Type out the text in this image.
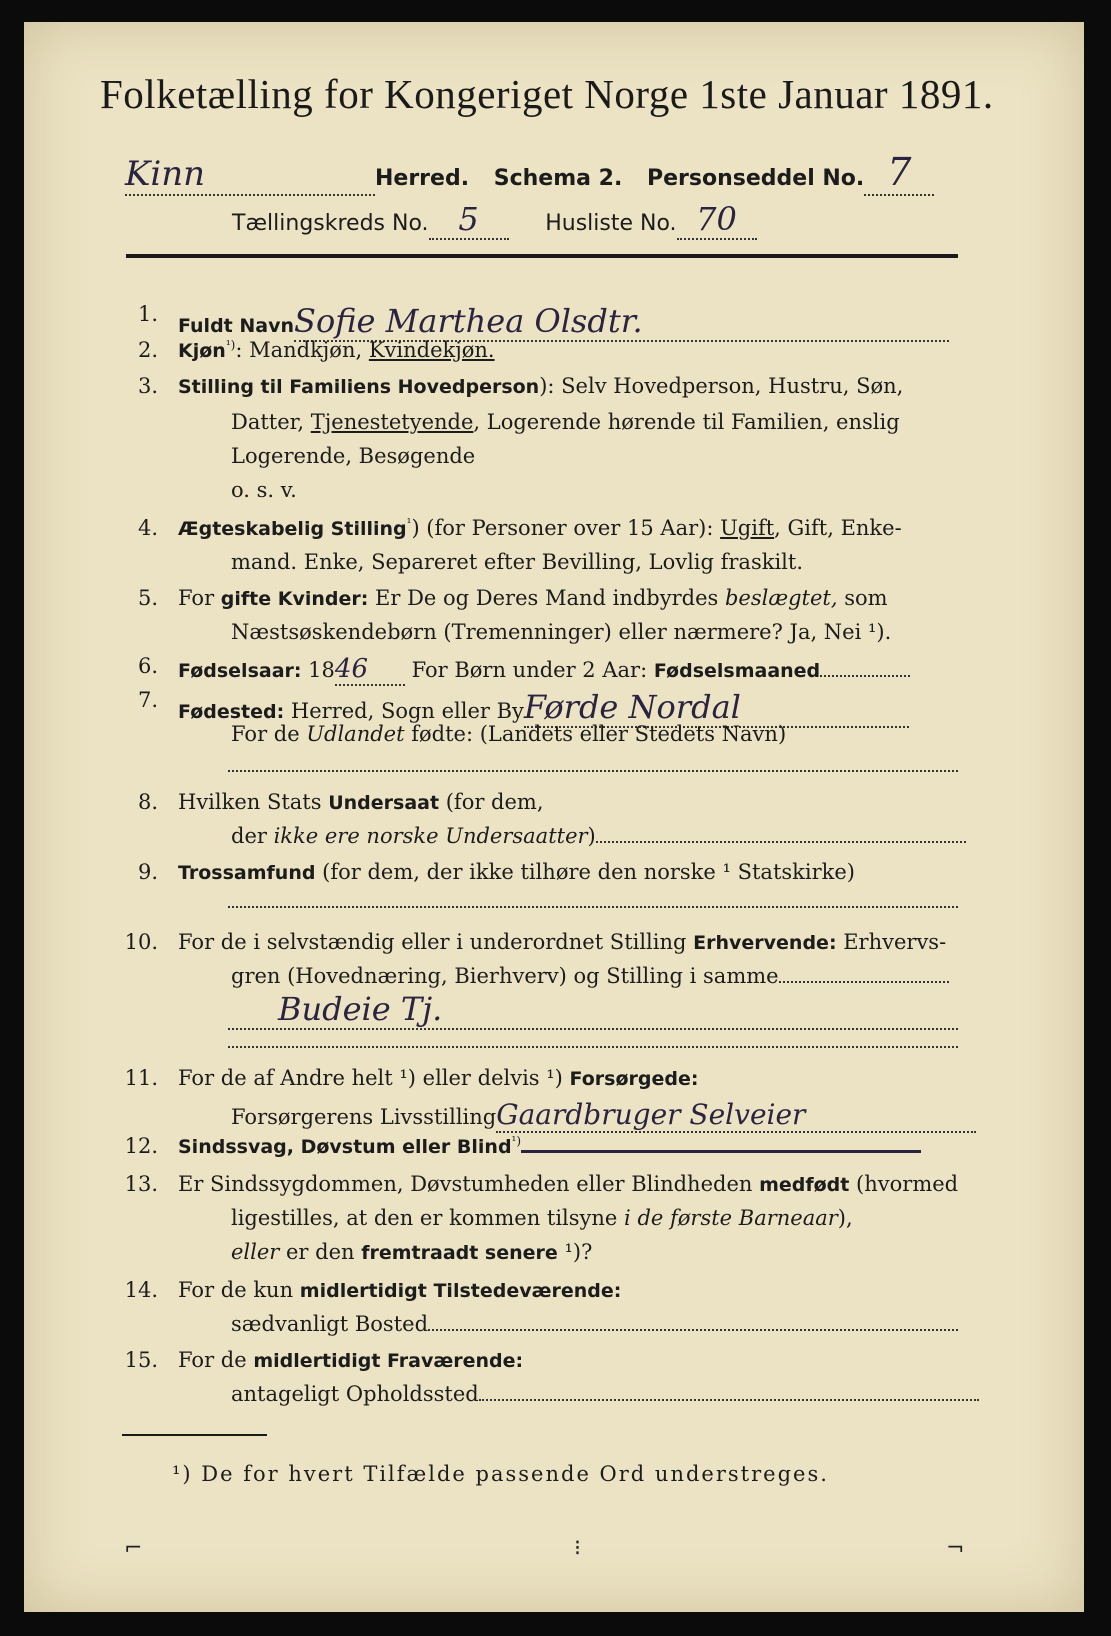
Folketælling for Kongeriget Norge 1ste Januar 1891.
Kinn	Herred. Schema 2. Personseddel No. 7
Tællingskreds No. 5	Husliste No. 70
1. Fuldt NavnSofie Marthea Olsdtr.
2. Kjøn$^{^1)}$: Mandkjøn, Kvindekjøn.
3. Stilling til Familiens Hovedperson): Selv Hovedperson, Hustru, Søn,
Datter, Tjenestetyende, Logerende hørende til Familien, enslig
Logerende, Besøgende
o. s. v.
4. Ægteskabelig Stilling$^{^1}$) (for Personer over 15 Aar): Ugift, Gift, Enke-
mand. Enke, Separeret efter Bevilling, Lovlig fraskilt.
5. For gifte Kvinder: Er De og Deres Mand indbyrdes beslægtet, som
Næstsøskendebørn (Tremenninger) eller nærmere? Ja, Nei ¹).
6. Fødselsaar: 1846 For Børn under 2 Aar: Fødselsmaaned
7. Fødested: Herred, Sogn eller ByFørde Nordal
For de Udlandet fødte: (Landets eller Stedets Navn)
8. Hvilken Stats Undersaat (for dem,
der ikke ere norske Undersaatter)
9. Trossamfund (for dem, der ikke tilhøre den norske ¹ Statskirke)
10. For de i selvstændig eller i underordnet Stilling Erhvervende: Erhvervs-
gren (Hovednæring, Bierhverv) og Stilling i samme
Budeie Tj.
11. For de af Andre helt ¹) eller delvis ¹) Forsørgede:
Forsørgerens LivsstillingGaardbruger Selveier
12. Sindssvag, Døvstum eller Blind$^{^1)}$
13. Er Sindssygdommen, Døvstumheden eller Blindheden medfødt (hvormed
ligestilles, at den er kommen tilsyne i de første Barneaar),
eller er den fremtraadt senere ¹)?
14. For de kun midlertidigt Tilstedeværende:
sædvanligt Bosted
15. For de midlertidigt Fraværende:
antageligt Opholdssted
¹) De for hvert Tilfælde passende Ord understreges.
⌐	⁝	¬
